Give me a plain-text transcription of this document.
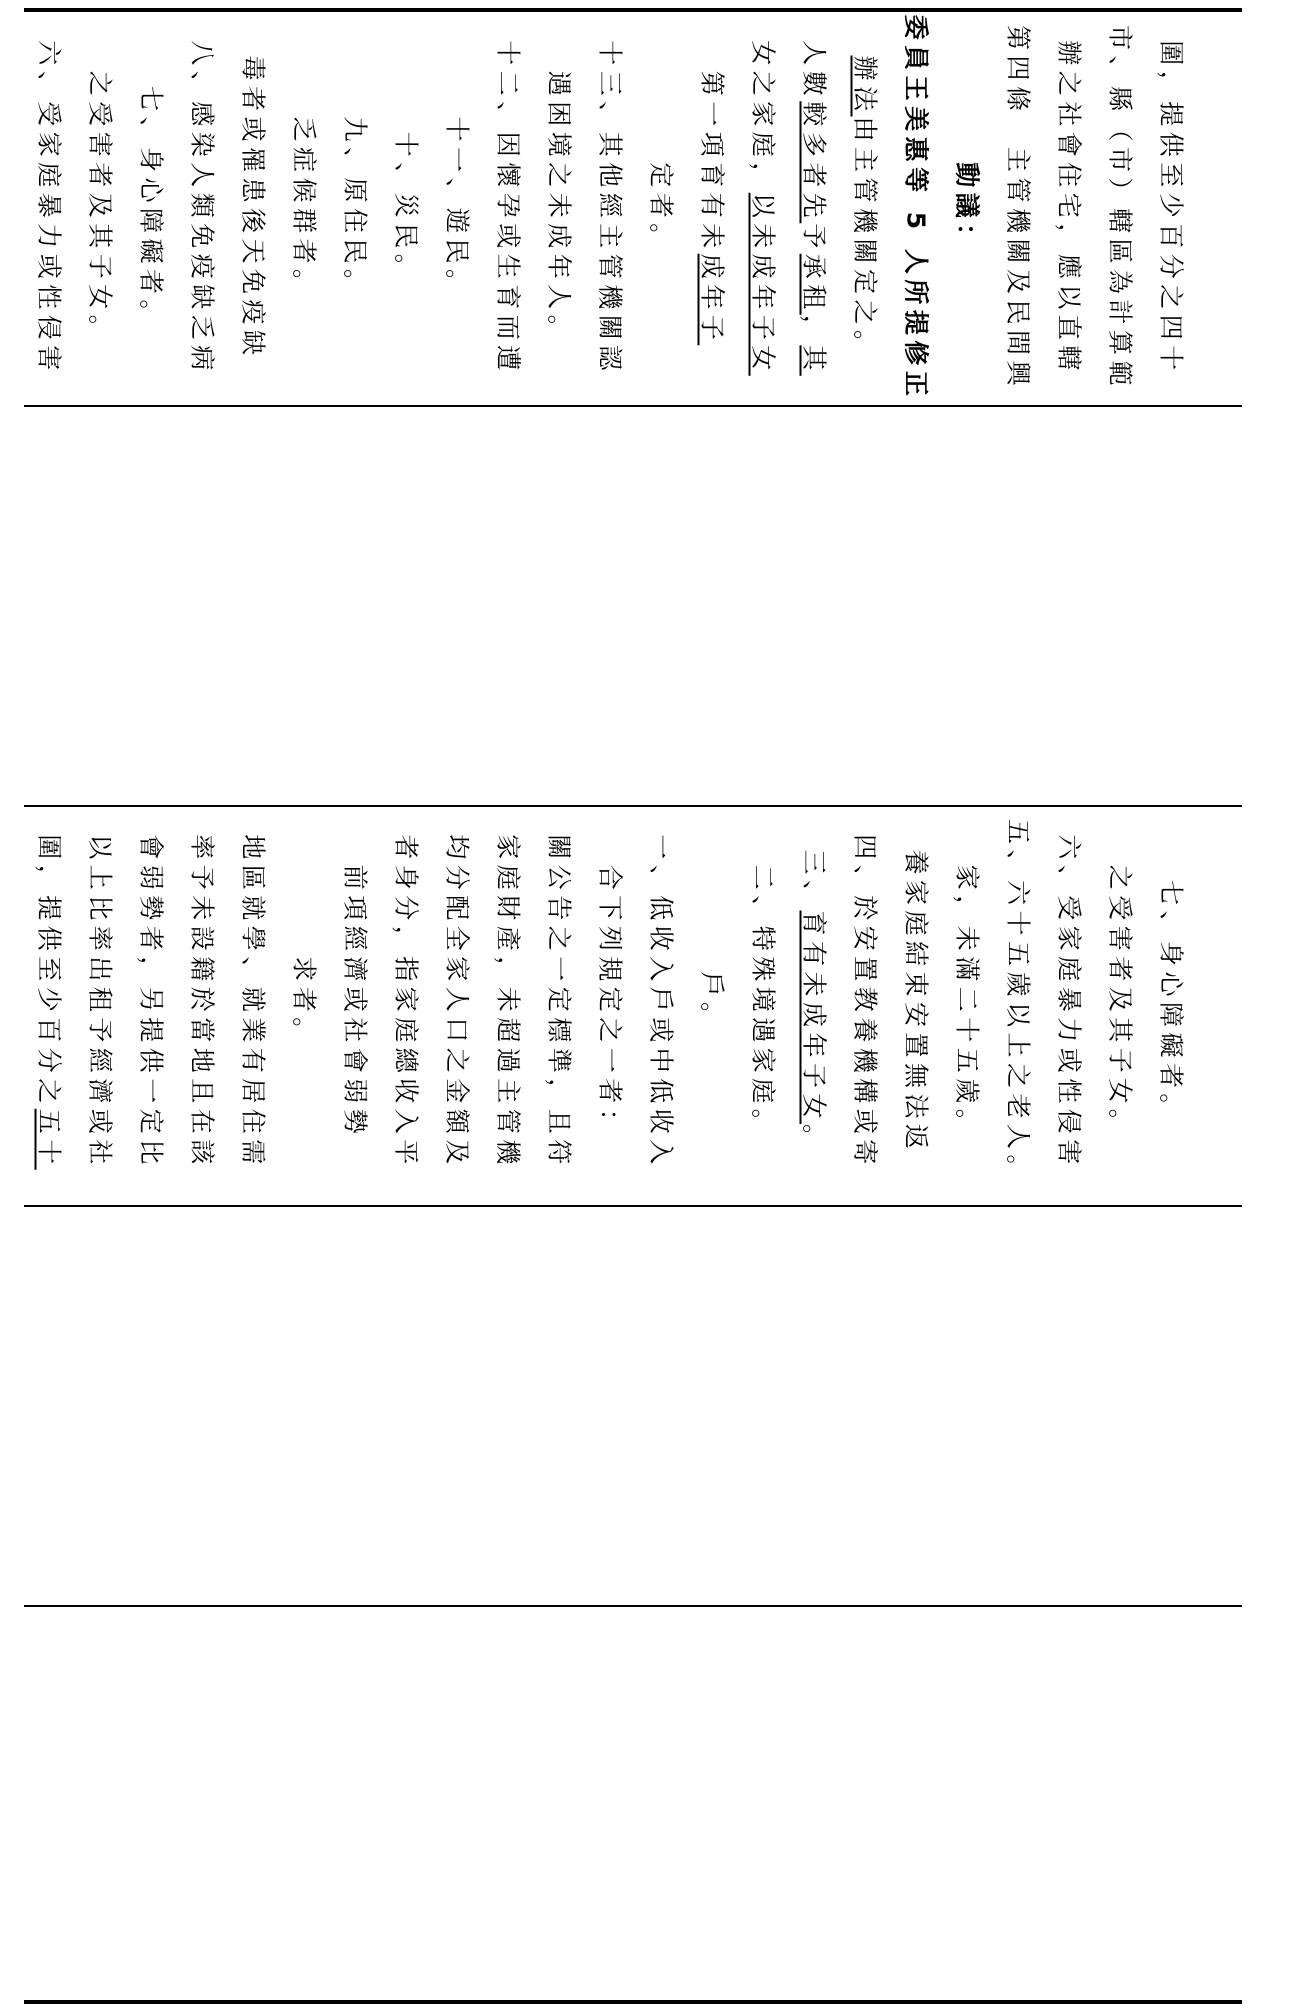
六、受家庭暴力或性侵害 之受害者及其子女。 七、身心障礙者。 八、感染人類免疫缺乏病 毒者或罹患後天免疫缺 乏症候群者。 九、原住民。 十、災民。 十一、遊民。 十二、因懷孕或生育而遭 遇困境之未成年人。 十三、其他經主管機關認 定者。 第一項育有未成年子
女之家庭，以未成年子女
人數較多者先予承租，其
辦法由主管機關定之。 委員王美惠等 5 人所提修正 動議： 第四條　主管機關及民間興 辦之社會住宅，應以直轄 市、縣（市）轄區為計算範 圍，提供至少百分之四十
圍，提供至少百分之五十 以上比率出租予經濟或社 會弱勢者，另提供一定比 率予未設籍於當地且在該 地區就學、就業有居住需 求者。 前項經濟或社會弱勢 者身分，指家庭總收入平 均分配全家人口之金額及 家庭財產，未超過主管機 關公告之一定標準，且符 合下列規定之一者： 一、低收入戶或中低收入 戶。 二、特殊境遇家庭。 三、育有未成年子女。 四、於安置教養機構或寄 養家庭結束安置無法返 家，未滿二十五歲。 五、六十五歲以上之老人。 六、受家庭暴力或性侵害 之受害者及其子女。 七、身心障礙者。
